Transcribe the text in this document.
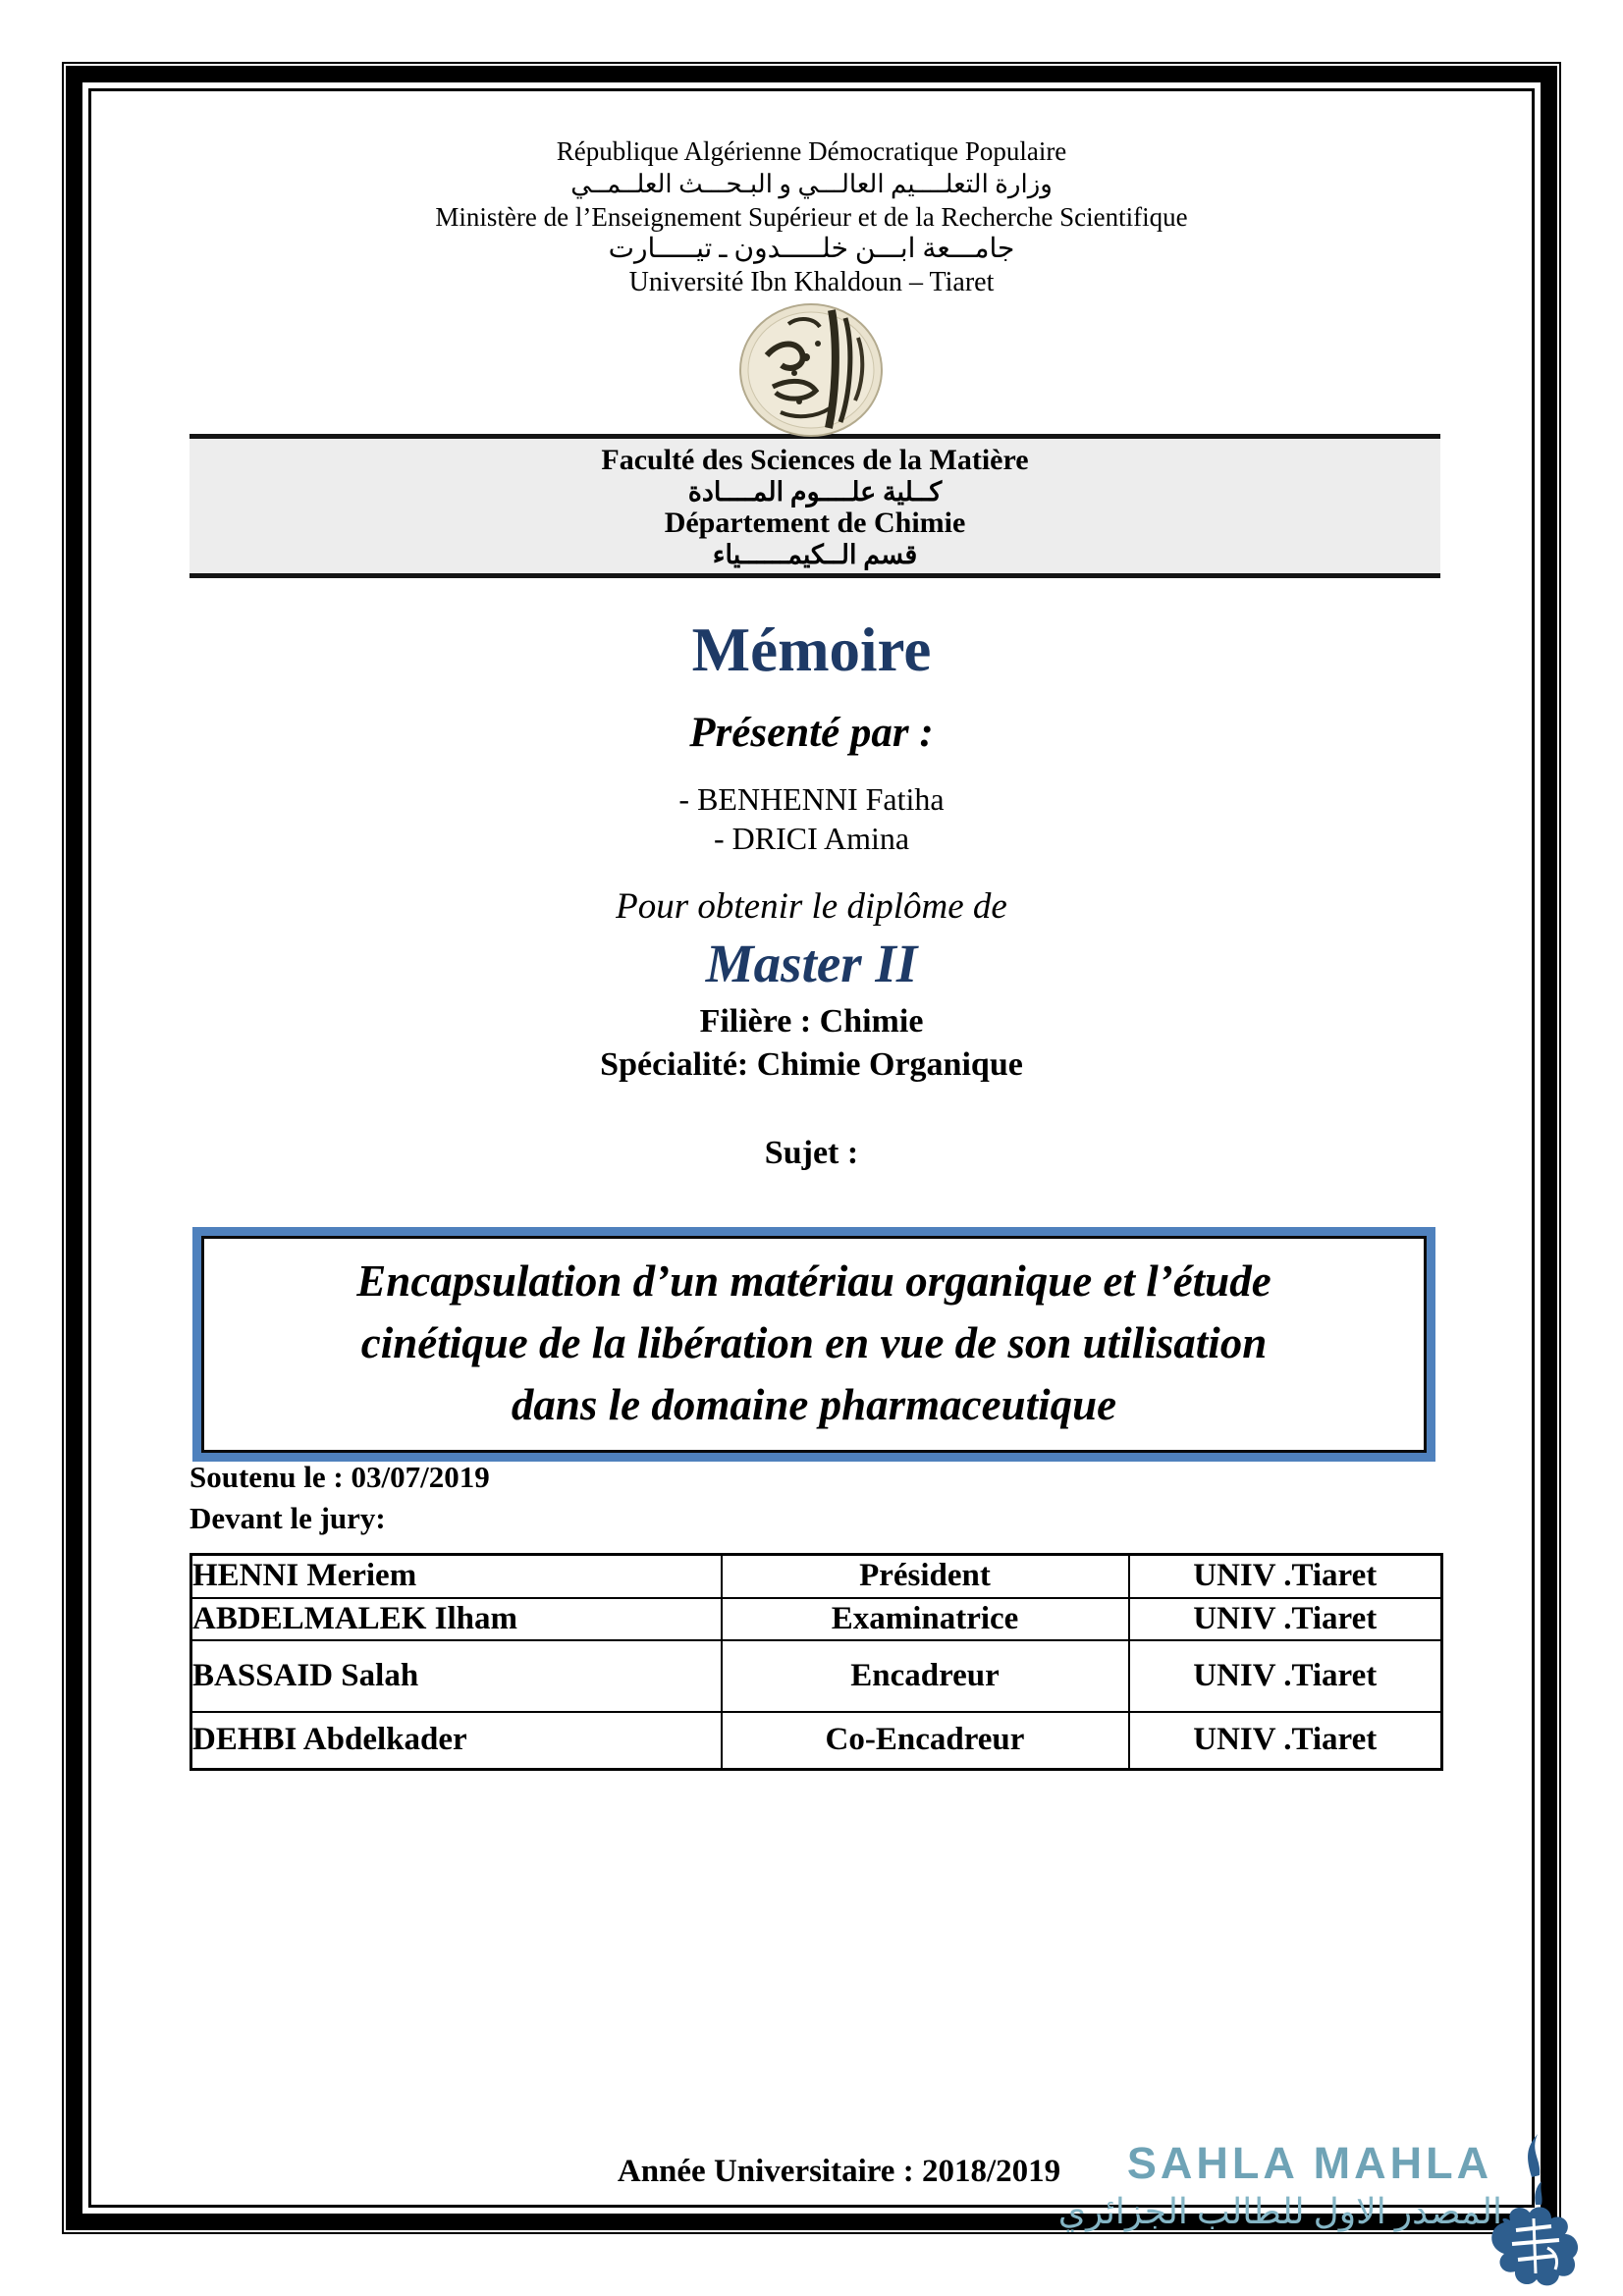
République Algérienne Démocratique Populaire
وزارة التعلــــيم العالـــي و البـحـــث العلــمــي
Ministère de l’Enseignement Supérieur et de la Recherche Scientifique
جامـــعة ابـــن خلـــــدون ـ تيـــــارت
Université Ibn Khaldoun – Tiaret
Faculté des Sciences de la Matière
كــلية علــــوم المــــادة
Département de Chimie
قسم الــكيمــــــياء
Mémoire
Présenté par :
- BENHENNI Fatiha
- DRICI Amina
Pour obtenir le diplôme de
Master II
Filière : Chimie
Spécialité: Chimie Organique
Sujet :
Encapsulation d’un matériau organique et l’étude
cinétique de la libération en vue de son utilisation
dans le domaine pharmaceutique
Soutenu le : 03/07/2019
Devant le jury:
HENNI Meriem	Président	UNIV .Tiaret
ABDELMALEK Ilham	Examinatrice	UNIV .Tiaret
BASSAID Salah	Encadreur	UNIV .Tiaret
DEHBI Abdelkader	Co-Encadreur	UNIV .Tiaret
Année Universitaire : 2018/2019	SAHLA MAHLA
المصدر الاول للطالب الجزائري
